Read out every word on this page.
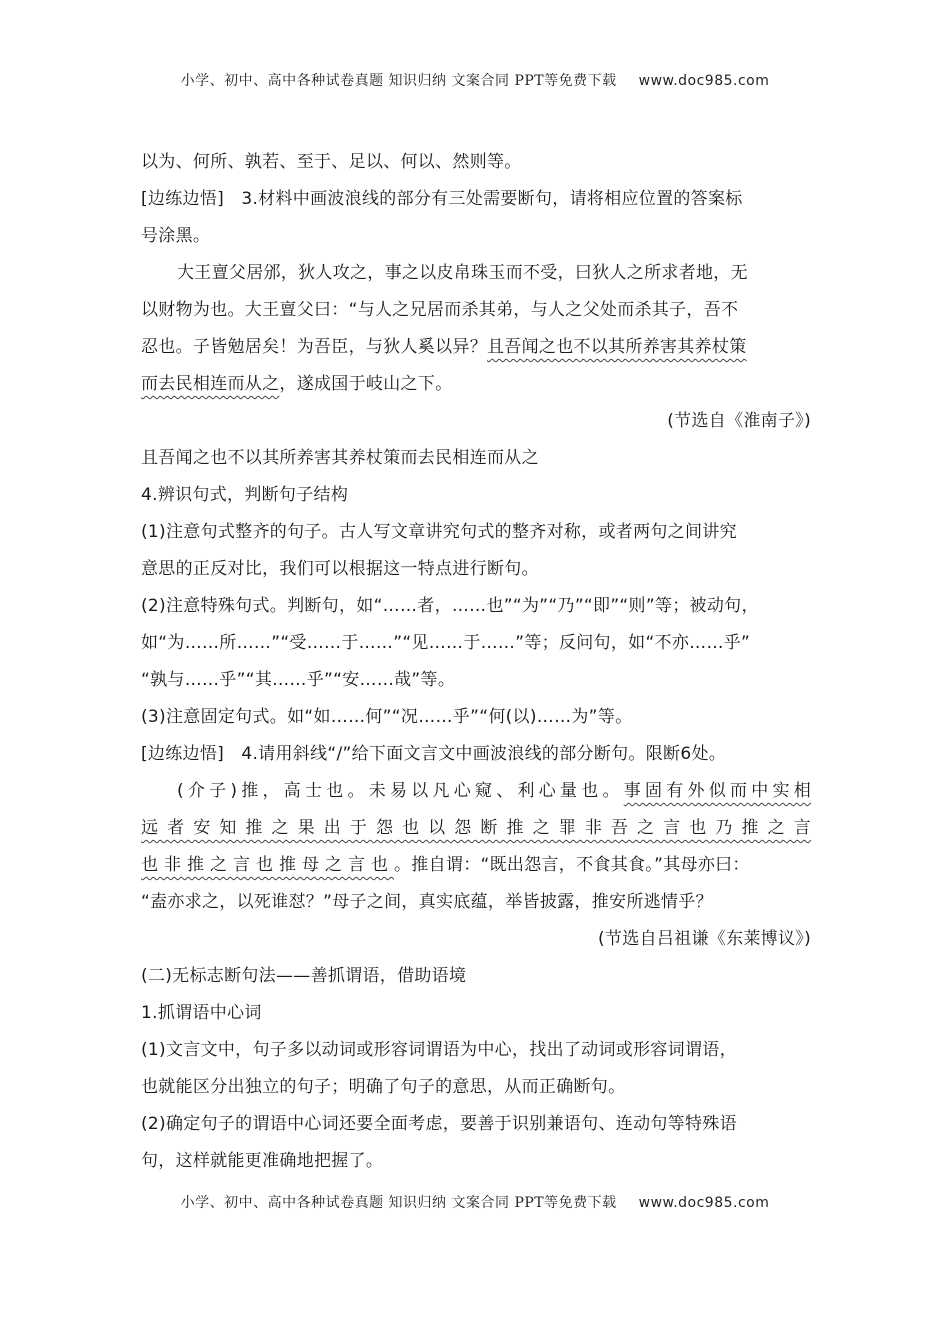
小学、初中、高中各种试卷真题 知识归纳 文案合同 PPT等免费下载 www.doc985.com
以为、何所、孰若、至于、足以、何以、然则等。
[边练边悟]　3.材料中画波浪线的部分有三处需要断句，请将相应位置的答案标
号涂黑。
大王亶父居邠，狄人攻之，事之以皮帛珠玉而不受，曰狄人之所求者地，无
以财物为也。大王亶父曰：“与人之兄居而杀其弟，与人之父处而杀其子，吾不
忍也。子皆勉居矣！为吾臣，与狄人奚以异？且吾闻之也不以其所养害其养杖策
而去民相连而从之，遂成国于岐山之下。
(节选自《淮南子》)
且吾闻之也不以其所养害其养杖策而去民相连而从之
4.辨识句式，判断句子结构
(1)注意句式整齐的句子。古人写文章讲究句式的整齐对称，或者两句之间讲究
意思的正反对比，我们可以根据这一特点进行断句。
(2)注意特殊句式。判断句，如“……者，……也”“为”“乃”“即”“则”等；被动句，
如“为……所……”“受……于……”“见……于……”等；反问句，如“不亦……乎”
“孰与……乎”“其……乎”“安……哉”等。
(3)注意固定句式。如“如……何”“况……乎”“何(以)……为”等。
[边练边悟]　4.请用斜线“/”给下面文言文中画波浪线的部分断句。限断6处。
(介子)推，高士也。未易以凡心窥、利心量也。事固有外似而中实相
远者安知推之果出于怨也以怨断推之罪非吾之言也乃推之言
也非推之言也推母之言也。推自谓：“既出怨言，不食其食。”其母亦曰：
“盍亦求之，以死谁怼？”母子之间，真实底蕴，举皆披露，推安所逃情乎？
(节选自吕祖谦《东莱博议》)
(二)无标志断句法——善抓谓语，借助语境
1.抓谓语中心词
(1)文言文中，句子多以动词或形容词谓语为中心，找出了动词或形容词谓语，
也就能区分出独立的句子；明确了句子的意思，从而正确断句。
(2)确定句子的谓语中心词还要全面考虑，要善于识别兼语句、连动句等特殊语
句，这样就能更准确地把握了。
小学、初中、高中各种试卷真题 知识归纳 文案合同 PPT等免费下载 www.doc985.com
